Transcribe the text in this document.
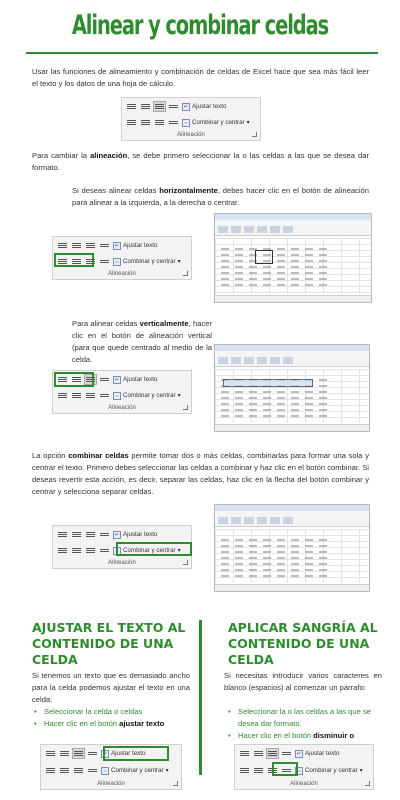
Alinear y combinar celdas

Usar las funciones de alineamiento y combinación de celdas de Excel hace que sea más fácil leer el texto y los datos de una hoja de cálculo.

↵ Ajustar texto
⇔ Combinar y centrar ▾
Alineación

Para cambiar la alineación, se debe primero seleccionar la o las celdas a las que se desea dar formato.

Si deseas alinear celdas horizontalmente, debes hacer clic en el botón de alineación para alinear a la izquierda, a la derecha o centrar.

↵ Ajustar texto
⇔ Combinar y centrar ▾
Alineación

Para alinear celdas verticalmente, hacer clic en el botón de alineación vertical (para que quede centrado al medio de la celda.

↵ Ajustar texto
⇔ Combinar y centrar ▾
Alineación

La opción combinar celdas permite tomar dos o más celdas, combinarlas para formar una sola y centrar el texto. Primero debes seleccionar las celdas a combinar y haz clic en el botón combinar. Si deseas revertir esta acción, es decir, separar las celdas, haz clic en la flecha del botón combinar y centrar y selecciona separar celdas.

↵ Ajustar texto
⇔ Combinar y centrar ▾
Alineación
AJUSTAR EL TEXTO AL CONTENIDO DE UNA CELDA

Si tenemos un texto que es demasiado ancho para la celda podemos ajustar el texto en una celda:

• Seleccionar la celda o celdas
• Hacer clic en el botón ajustar texto
↵ Ajustar texto
⇔ Combinar y centrar ▾
Alineación
APLICAR SANGRÍA AL CONTENIDO DE UNA CELDA

Si necesitas introducir varios caracteres en blanco (espacios) al comenzar un párrafo:

• Seleccionar la o las celdas a las que se desea dar formato.
• Hacer clic en el botón disminuir o
↵ Ajustar texto
⇔ Combinar y centrar ▾
Alineación
